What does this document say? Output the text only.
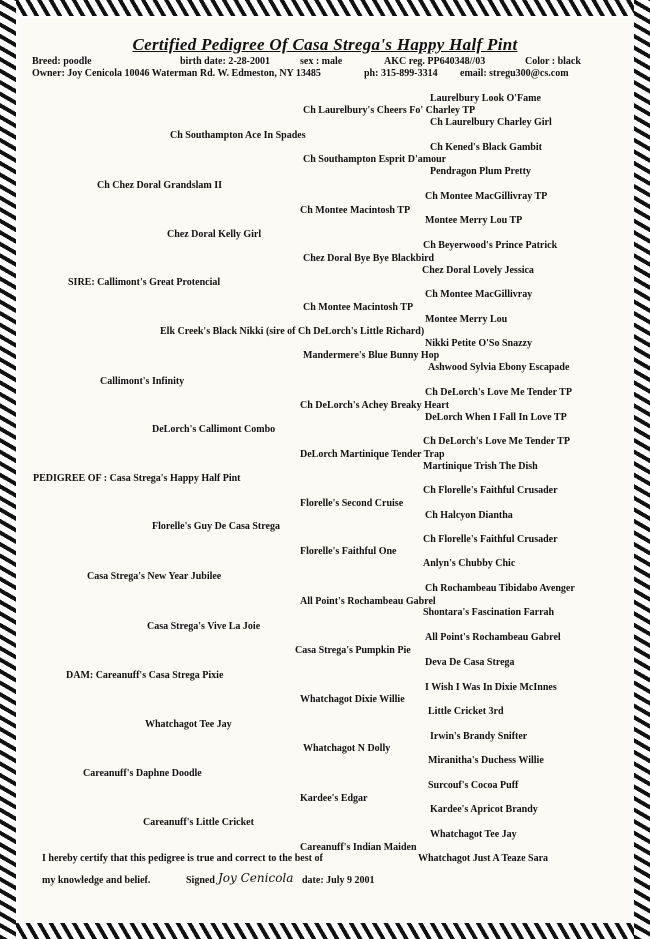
Certified Pedigree Of Casa Strega's Happy Half Pint
Breed: poodle	birth date: 2-28-2001	sex : male	AKC reg. PP640348//03	Color : black
Owner: Joy Cenicola 10046 Waterman Rd. W. Edmeston, NY 13485	ph: 315-899-3314 email: stregu300@cs.com
Laurelbury Look O'Fame
Ch Laurelbury's Cheers Fo' Charley TP
Ch Laurelbury Charley Girl
Ch Southampton Ace In Spades
Ch Kened's Black Gambit
Ch Southampton Esprit D'amour
Pendragon Plum Pretty
Ch Chez Doral Grandslam II
Ch Montee MacGillivray TP
Ch Montee Macintosh TP
Montee Merry Lou TP
Chez Doral Kelly Girl
Ch Beyerwood's Prince Patrick
Chez Doral Bye Bye Blackbird
Chez Doral Lovely Jessica
SIRE: Callimont's Great Protencial
Ch Montee MacGillivray
Ch Montee Macintosh TP
Montee Merry Lou
Elk Creek's Black Nikki (sire of Ch DeLorch's Little Richard)
Nikki Petite O'So Snazzy
Mandermere's Blue Bunny Hop
Ashwood Sylvia Ebony Escapade
Callimont's Infinity
Ch DeLorch's Love Me Tender TP
Ch DeLorch's Achey Breaky Heart
DeLorch When I Fall In Love TP
DeLorch's Callimont Combo
Ch DeLorch's Love Me Tender TP
DeLorch Martinique Tender Trap
Martinique Trish The Dish
PEDIGREE OF : Casa Strega's Happy Half Pint
Ch Florelle's Faithful Crusader
Florelle's Second Cruise
Ch Halcyon Diantha
Florelle's Guy De Casa Strega
Ch Florelle's Faithful Crusader
Florelle's Faithful One
Anlyn's Chubby Chic
Casa Strega's New Year Jubilee
Ch Rochambeau Tibidabo Avenger
All Point's Rochambeau Gabrel
Shontara's Fascination Farrah
Casa Strega's Vive La Joie
All Point's Rochambeau Gabrel
Casa Strega's Pumpkin Pie
Deva De Casa Strega
DAM: Careanuff's Casa Strega Pixie
I Wish I Was In Dixie McInnes
Whatchagot Dixie Willie
Little Cricket 3rd
Whatchagot Tee Jay
Irwin's Brandy Snifter
Whatchagot N Dolly
Miranitha's Duchess Willie
Careanuff's Daphne Doodle
Surcouf's Cocoa Puff
Kardee's Edgar
Kardee's Apricot Brandy
Careanuff's Little Cricket
Whatchagot Tee Jay
Careanuff's Indian Maiden
Whatchagot Just A Teaze Sara
I hereby certify that this pedigree is true and correct to the best of
my knowledge and belief.	Signed Joy Cenicola date: July 9 2001
